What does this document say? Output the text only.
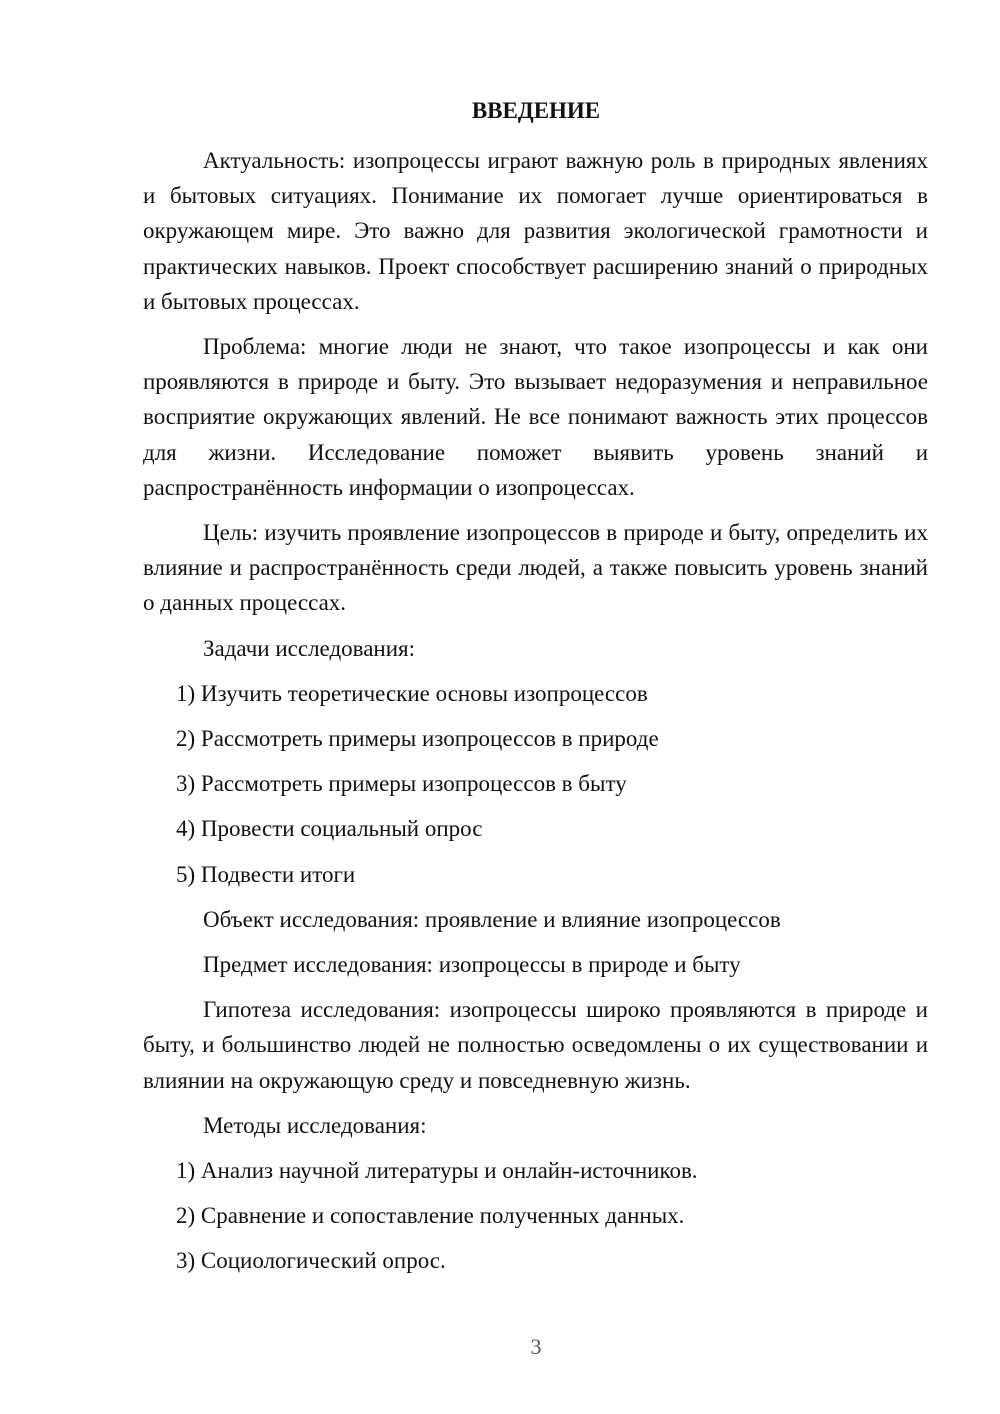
ВВЕДЕНИЕ

Актуальность: изопроцессы играют важную роль в природных явлениях и бытовых ситуациях. Понимание их помогает лучше ориентироваться в окружающем мире. Это важно для развития экологической грамотности и практических навыков. Проект способствует расширению знаний о природных и бытовых процессах.

Проблема: многие люди не знают, что такое изопроцессы и как они проявляются в природе и быту. Это вызывает недоразумения и неправильное восприятие окружающих явлений. Не все понимают важность этих процессов для жизни. Исследование поможет выявить уровень знаний и распространённость информации о изопроцессах.

Цель: изучить проявление изопроцессов в природе и быту, определить их влияние и распространённость среди людей, а также повысить уровень знаний о данных процессах.

Задачи исследования:

1) Изучить теоретические основы изопроцессов

2) Рассмотреть примеры изопроцессов в природе

3) Рассмотреть примеры изопроцессов в быту

4) Провести социальный опрос

5) Подвести итоги

Объект исследования: проявление и влияние изопроцессов

Предмет исследования: изопроцессы в природе и быту

Гипотеза исследования: изопроцессы широко проявляются в природе и быту, и большинство людей не полностью осведомлены о их существовании и влиянии на окружающую среду и повседневную жизнь.

Методы исследования:

1) Анализ научной литературы и онлайн-источников.

2) Сравнение и сопоставление полученных данных.

3) Социологический опрос.

3
